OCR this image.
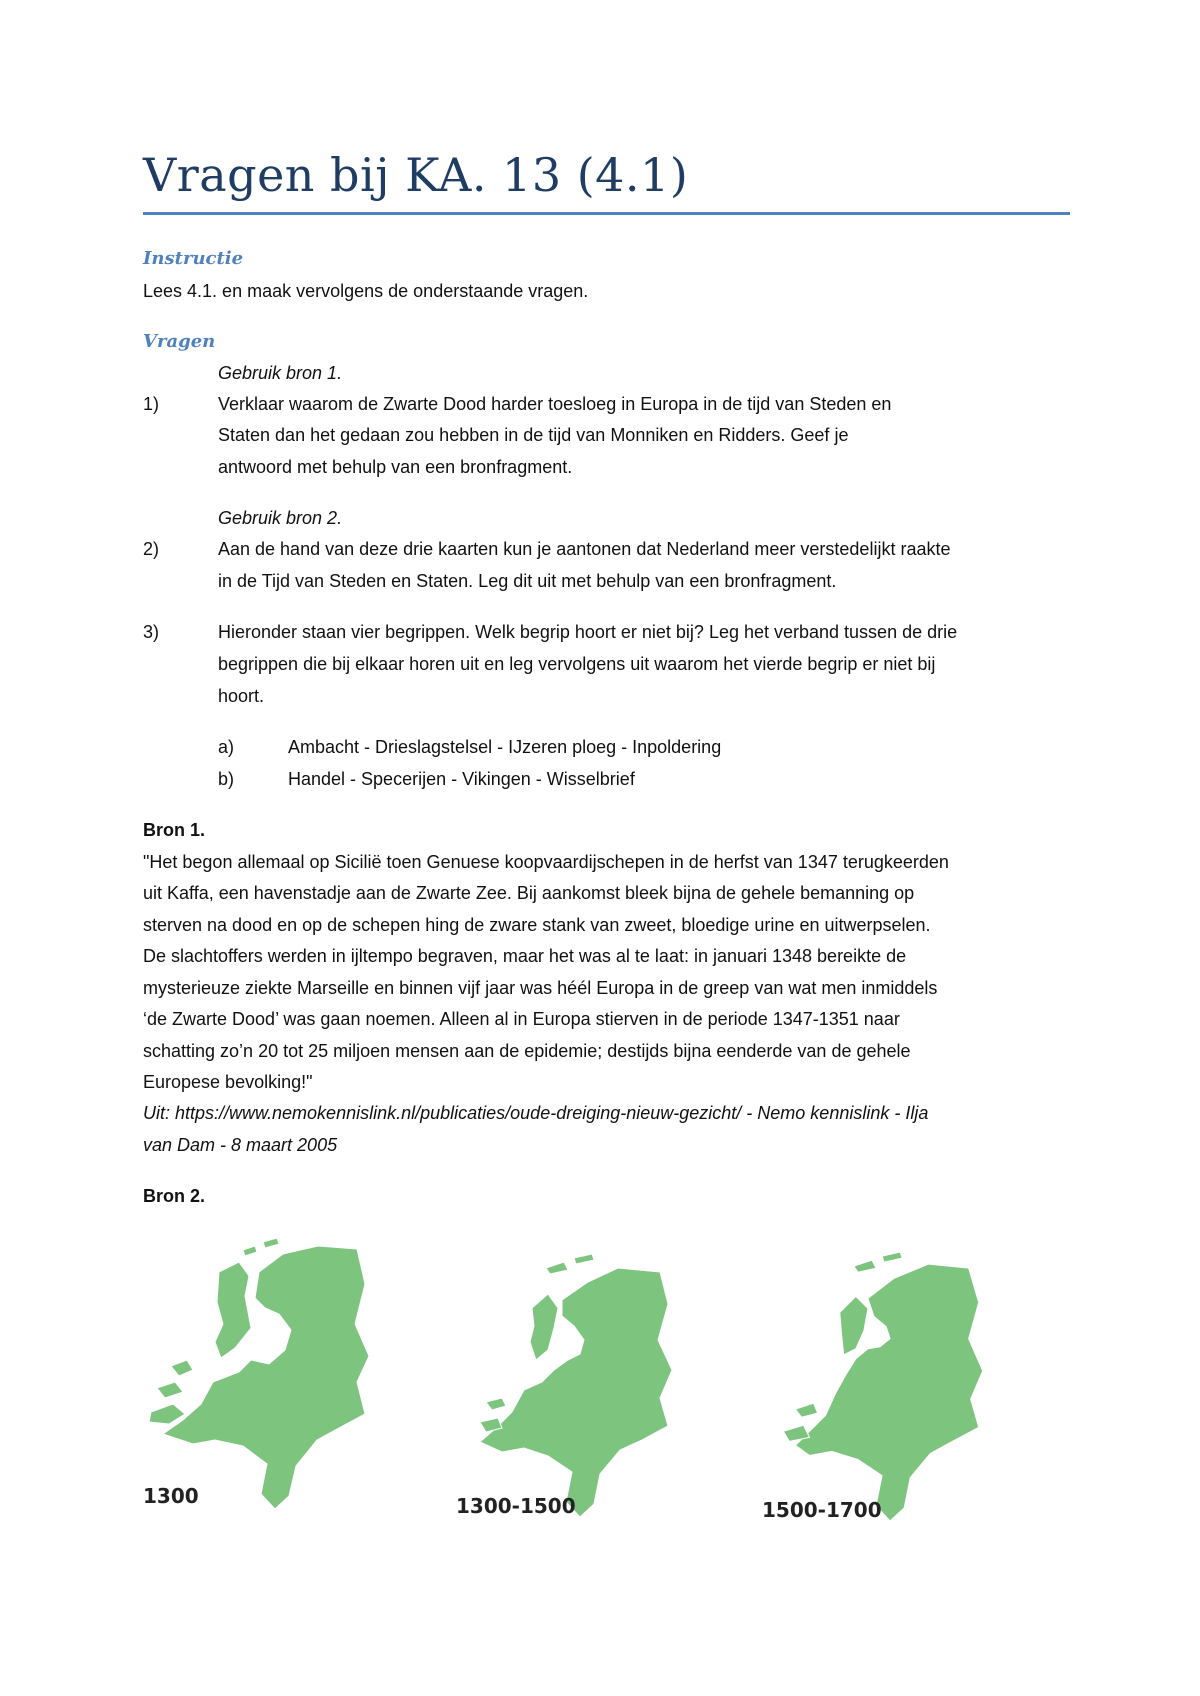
Vragen bij KA. 13 (4.1)
Instructie
Lees 4.1. en maak vervolgens de onderstaande vragen.
Vragen
Gebruik bron 1.
1)	Verklaar waarom de Zwarte Dood harder toesloeg in Europa in de tijd van Steden en
Staten dan het gedaan zou hebben in de tijd van Monniken en Ridders. Geef je
antwoord met behulp van een bronfragment.
Gebruik bron 2.
2)	Aan de hand van deze drie kaarten kun je aantonen dat Nederland meer verstedelijkt raakte
in de Tijd van Steden en Staten. Leg dit uit met behulp van een bronfragment.
3)	Hieronder staan vier begrippen. Welk begrip hoort er niet bij? Leg het verband tussen de drie
begrippen die bij elkaar horen uit en leg vervolgens uit waarom het vierde begrip er niet bij
hoort.
a)	Ambacht - Drieslagstelsel - IJzeren ploeg - Inpoldering
b)	Handel - Specerijen - Vikingen - Wisselbrief
Bron 1.
"Het begon allemaal op Sicilië toen Genuese koopvaardijschepen in de herfst van 1347 terugkeerden
uit Kaffa, een havenstadje aan de Zwarte Zee. Bij aankomst bleek bijna de gehele bemanning op
sterven na dood en op de schepen hing de zware stank van zweet, bloedige urine en uitwerpselen.
De slachtoffers werden in ijltempo begraven, maar het was al te laat: in januari 1348 bereikte de
mysterieuze ziekte Marseille en binnen vijf jaar was héél Europa in de greep van wat men inmiddels
‘de Zwarte Dood’ was gaan noemen. Alleen al in Europa stierven in de periode 1347-1351 naar
schatting zo’n 20 tot 25 miljoen mensen aan de epidemie; destijds bijna eenderde van de gehele
Europese bevolking!"
Uit: https://www.nemokennislink.nl/publicaties/oude-dreiging-nieuw-gezicht/ - Nemo kennislink - Ilja
van Dam - 8 maart 2005
Bron 2.
1300	1300-1500	1500-1700
